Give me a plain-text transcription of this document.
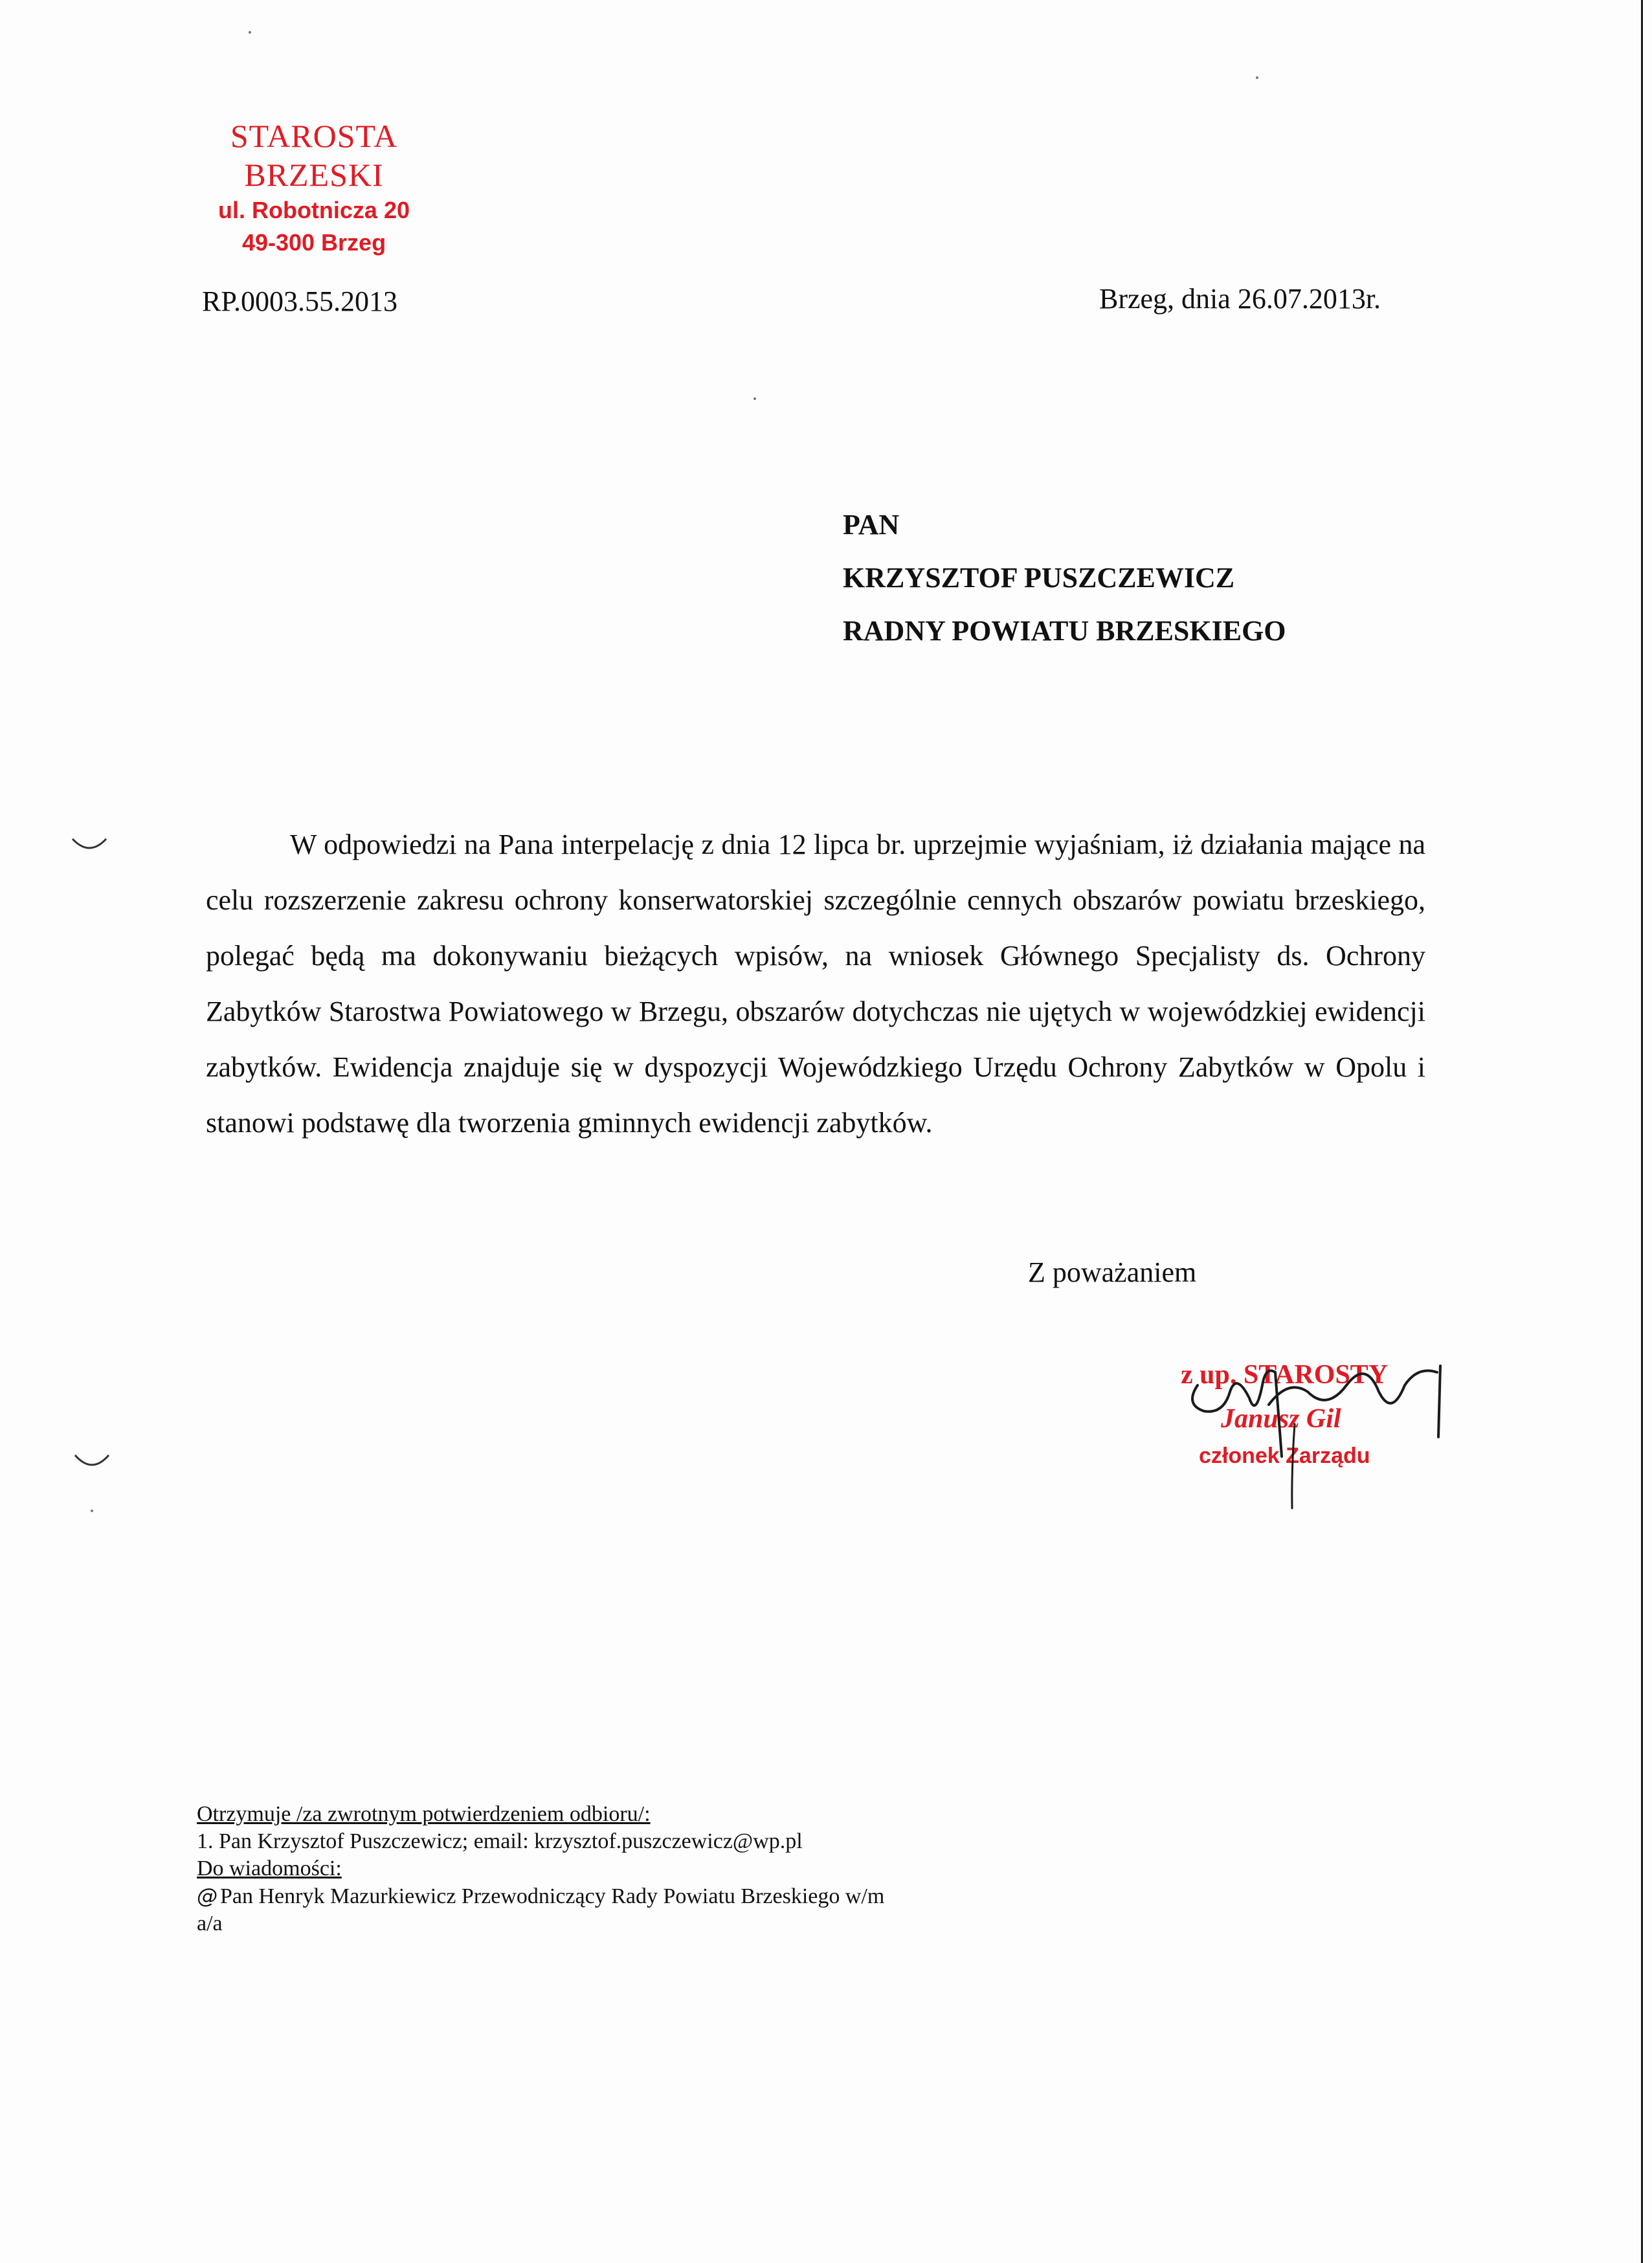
STAROSTA BRZESKI
ul. Robotnicza 20
49-300 Brzeg
RP.0003.55.2013	Brzeg, dnia 26.07.2013r.
PAN
KRZYSZTOF PUSZCZEWICZ
RADNY POWIATU BRZESKIEGO
W odpowiedzi na Pana interpelację z dnia 12 lipca br. uprzejmie wyjaśniam, iż działania mające na celu rozszerzenie zakresu ochrony konserwatorskiej szczególnie cennych obszarów powiatu brzeskiego, polegać będą ma dokonywaniu bieżących wpisów, na wniosek Głównego Specjalisty ds. Ochrony Zabytków Starostwa Powiatowego w Brzegu, obszarów dotychczas nie ujętych w wojewódzkiej ewidencji zabytków. Ewidencja znajduje się w dyspozycji Wojewódzkiego Urzędu Ochrony Zabytków w Opolu i stanowi podstawę dla tworzenia gminnych ewidencji zabytków.
Z poważaniem
z up. STAROSTY
Janusz Gil
członek Zarządu
Otrzymuje /za zwrotnym potwierdzeniem odbioru/:
1. Pan Krzysztof Puszczewicz; email: krzysztof.puszczewicz@wp.pl
Do wiadomości:
@ Pan Henryk Mazurkiewicz Przewodniczący Rady Powiatu Brzeskiego w/m
a/a
